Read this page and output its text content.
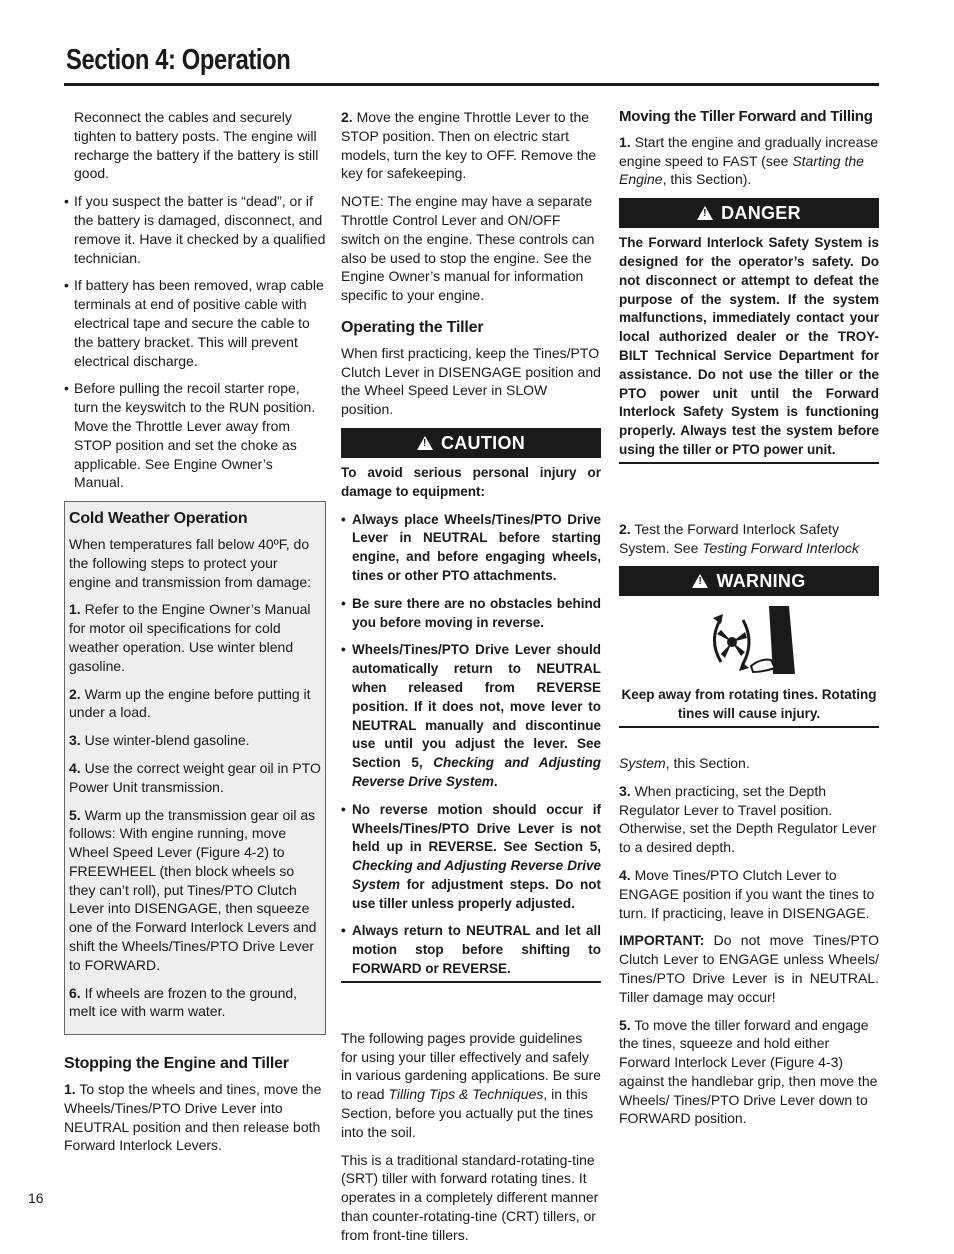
Section 4: Operation

Reconnect the cables and securely tighten to battery posts. The engine will recharge the battery if the battery is still good.

• If you suspect the batter is “dead”, or if the battery is damaged, disconnect, and remove it. Have it checked by a qualified technician.

• If battery has been removed, wrap cable terminals at end of positive cable with electrical tape and secure the cable to the battery bracket. This will prevent electrical discharge.

• Before pulling the recoil starter rope, turn the keyswitch to the RUN position. Move the Throttle Lever away from STOP position and set the choke as applicable. See Engine Owner’s Manual.

Cold Weather Operation

When temperatures fall below 40ºF, do the following steps to protect your engine and transmission from damage:

1. Refer to the Engine Owner’s Manual for motor oil specifications for cold weather operation. Use winter blend gasoline.

2. Warm up the engine before putting it under a load.

3. Use winter-blend gasoline.

4. Use the correct weight gear oil in PTO Power Unit transmission.

5. Warm up the transmission gear oil as follows: With engine running, move Wheel Speed Lever (Figure 4-2) to FREEWHEEL (then block wheels so they can’t roll), put Tines/PTO Clutch Lever into DISENGAGE, then squeeze one of the Forward Interlock Levers and shift the Wheels/Tines/PTO Drive Lever to FORWARD.

6. If wheels are frozen to the ground, melt ice with warm water.

Stopping the Engine and Tiller

1. To stop the wheels and tines, move the Wheels/Tines/PTO Drive Lever into NEUTRAL position and then release both Forward Interlock Levers.

2. Move the engine Throttle Lever to the STOP position. Then on electric start models, turn the key to OFF. Remove the key for safekeeping.

NOTE: The engine may have a separate Throttle Control Lever and ON/OFF switch on the engine. These controls can also be used to stop the engine. See the Engine Owner’s manual for information specific to your engine.

Operating the Tiller

When first practicing, keep the Tines/PTO Clutch Lever in DISENGAGE position and the Wheel Speed Lever in SLOW position.

!CAUTION

To avoid serious personal injury or damage to equipment:

• Always place Wheels/Tines/PTO Drive Lever in NEUTRAL before starting engine, and before engaging wheels, tines or other PTO attachments.

• Be sure there are no obstacles behind you before moving in reverse.

• Wheels/Tines/PTO Drive Lever should automatically return to NEUTRAL when released from REVERSE position. If it does not, move lever to NEUTRAL manually and discontinue use until you adjust the lever. See Section 5, Checking and Adjusting Reverse Drive System.

• No reverse motion should occur if Wheels/Tines/PTO Drive Lever is not held up in REVERSE. See Section 5, Checking and Adjusting Reverse Drive System for adjustment steps. Do not use tiller unless properly adjusted.

• Always return to NEUTRAL and let all motion stop before shifting to FORWARD or REVERSE.

The following pages provide guidelines for using your tiller effectively and safely in various gardening applications. Be sure to read Tilling Tips & Techniques, in this Section, before you actually put the tines into the soil.

This is a traditional standard-rotating-tine (SRT) tiller with forward rotating tines. It operates in a completely different manner than counter-rotating-tine (CRT) tillers, or from front-tine tillers.

Moving the Tiller Forward and Tilling

1. Start the engine and gradually increase engine speed to FAST (see Starting the Engine, this Section).

!DANGER

The Forward Interlock Safety System is designed for the operator’s safety. Do not disconnect or attempt to defeat the purpose of the system. If the system malfunctions, immediately contact your local authorized dealer or the TROY-BILT Technical Service Department for assistance. Do not use the tiller or the PTO power unit until the Forward Interlock Safety System is functioning properly. Always test the system before using the tiller or PTO power unit.

2. Test the Forward Interlock Safety System. See Testing Forward Interlock

!WARNING

Keep away from rotating tines. Rotating tines will cause injury.

System, this Section.

3. When practicing, set the Depth Regulator Lever to Travel position. Otherwise, set the Depth Regulator Lever to a desired depth.

4. Move Tines/PTO Clutch Lever to ENGAGE position if you want the tines to turn. If practicing, leave in DISENGAGE.

IMPORTANT: Do not move Tines/PTO Clutch Lever to ENGAGE unless Wheels/ Tines/PTO Drive Lever is in NEUTRAL. Tiller damage may occur!

5. To move the tiller forward and engage the tines, squeeze and hold either Forward Interlock Lever (Figure 4-3) against the handlebar grip, then move the Wheels/ Tines/PTO Drive Lever down to FORWARD position.

16
